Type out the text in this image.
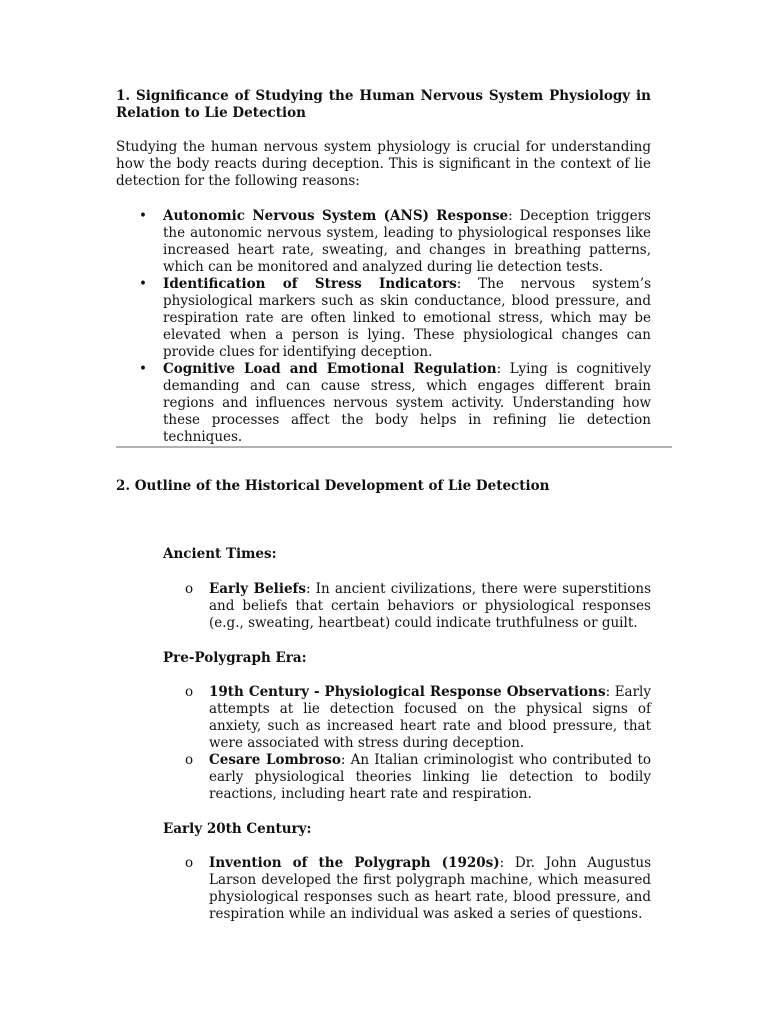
1. Significance of Studying the Human Nervous System Physiology in Relation to Lie Detection
Studying the human nervous system physiology is crucial for understanding how the body reacts during deception. This is significant in the context of lie detection for the following reasons:
• Autonomic Nervous System (ANS) Response: Deception triggers the autonomic nervous system, leading to physiological responses like increased heart rate, sweating, and changes in breathing patterns, which can be monitored and analyzed during lie detection tests.
• Identification of Stress Indicators: The nervous system’s physiological markers such as skin conductance, blood pressure, and respiration rate are often linked to emotional stress, which may be elevated when a person is lying. These physiological changes can provide clues for identifying deception.
• Cognitive Load and Emotional Regulation: Lying is cognitively demanding and can cause stress, which engages different brain regions and influences nervous system activity. Understanding how these processes affect the body helps in refining lie detection techniques.
2. Outline of the Historical Development of Lie Detection
Ancient Times:
o Early Beliefs: In ancient civilizations, there were superstitions and beliefs that certain behaviors or physiological responses (e.g., sweating, heartbeat) could indicate truthfulness or guilt.
Pre-Polygraph Era:
o 19th Century - Physiological Response Observations: Early attempts at lie detection focused on the physical signs of anxiety, such as increased heart rate and blood pressure, that were associated with stress during deception.
o Cesare Lombroso: An Italian criminologist who contributed to early physiological theories linking lie detection to bodily reactions, including heart rate and respiration.
Early 20th Century:
o Invention of the Polygraph (1920s): Dr. John Augustus Larson developed the first polygraph machine, which measured physiological responses such as heart rate, blood pressure, and respiration while an individual was asked a series of questions.
